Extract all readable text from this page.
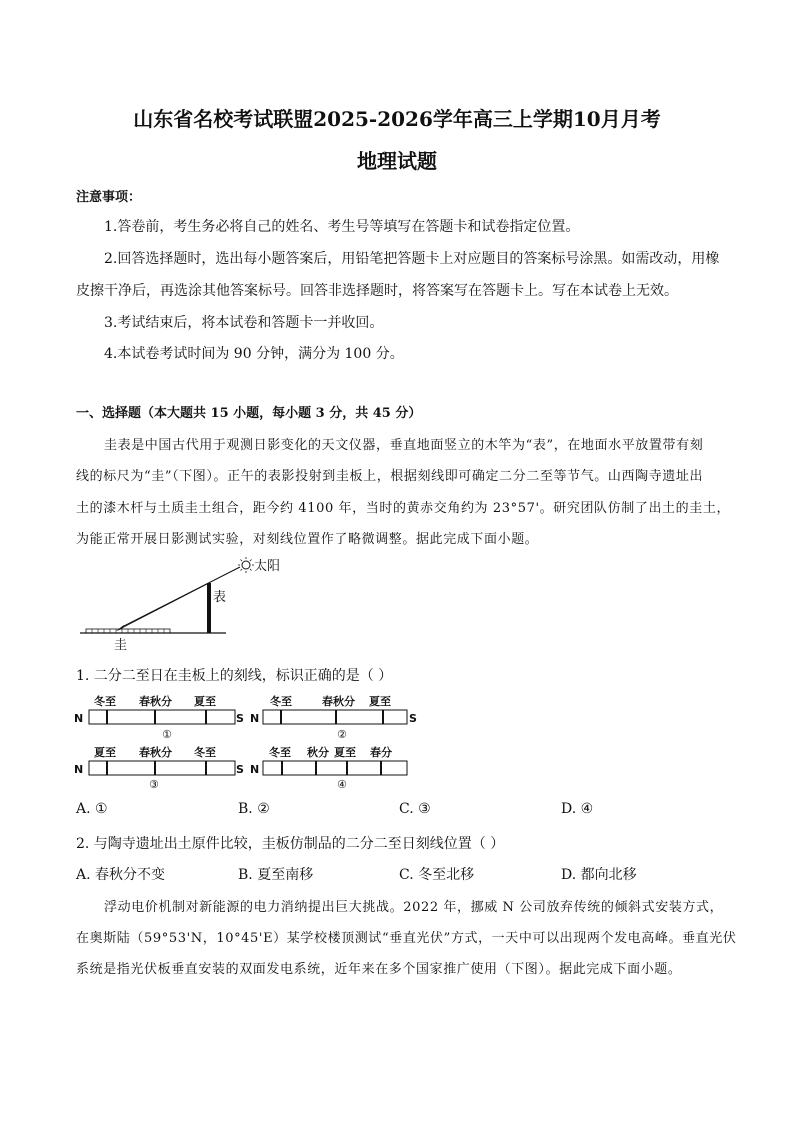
山东省名校考试联盟2025-2026学年高三上学期10月月考
地理试题
注意事项：
1.答卷前，考生务必将自己的姓名、考生号等填写在答题卡和试卷指定位置。
2.回答选择题时，选出每小题答案后，用铅笔把答题卡上对应题目的答案标号涂黑。如需改动，用橡
皮擦干净后，再选涂其他答案标号。回答非选择题时，将答案写在答题卡上。写在本试卷上无效。
3.考试结束后，将本试卷和答题卡一并收回。
4.本试卷考试时间为 90 分钟，满分为 100 分。
一、选择题（本大题共 15 小题，每小题 3 分，共 45 分）
圭表是中国古代用于观测日影变化的天文仪器，垂直地面竖立的木竿为“表”，在地面水平放置带有刻
线的标尺为“圭”（下图）。正午的表影投射到圭板上，根据刻线即可确定二分二至等节气。山西陶寺遗址出
土的漆木杆与土质圭土组合，距今约 4100 年，当时的黄赤交角约为 23°57'。研究团队仿制了出土的圭土，
为能正常开展日影测试实验，对刻线位置作了略微调整。据此完成下面小题。
太阳
表
圭
1. 二分二至日在圭板上的刻线，标识正确的是（ ）
冬至 春秋分 夏至
N	S
①
冬至	春秋分 夏至
N	S
②
夏至 春秋分 冬至
N	S
③
冬至 秋分 夏至 春分
N
④
A. ①	B. ②	C. ③	D. ④
2. 与陶寺遗址出土原件比较，圭板仿制品的二分二至日刻线位置（ ）
A. 春秋分不变	B. 夏至南移	C. 冬至北移	D. 都向北移
浮动电价机制对新能源的电力消纳提出巨大挑战。2022 年，挪威 N 公司放弃传统的倾斜式安装方式，
在奥斯陆（59°53'N，10°45'E）某学校楼顶测试“垂直光伏”方式，一天中可以出现两个发电高峰。垂直光伏
系统是指光伏板垂直安装的双面发电系统，近年来在多个国家推广使用（下图）。据此完成下面小题。
